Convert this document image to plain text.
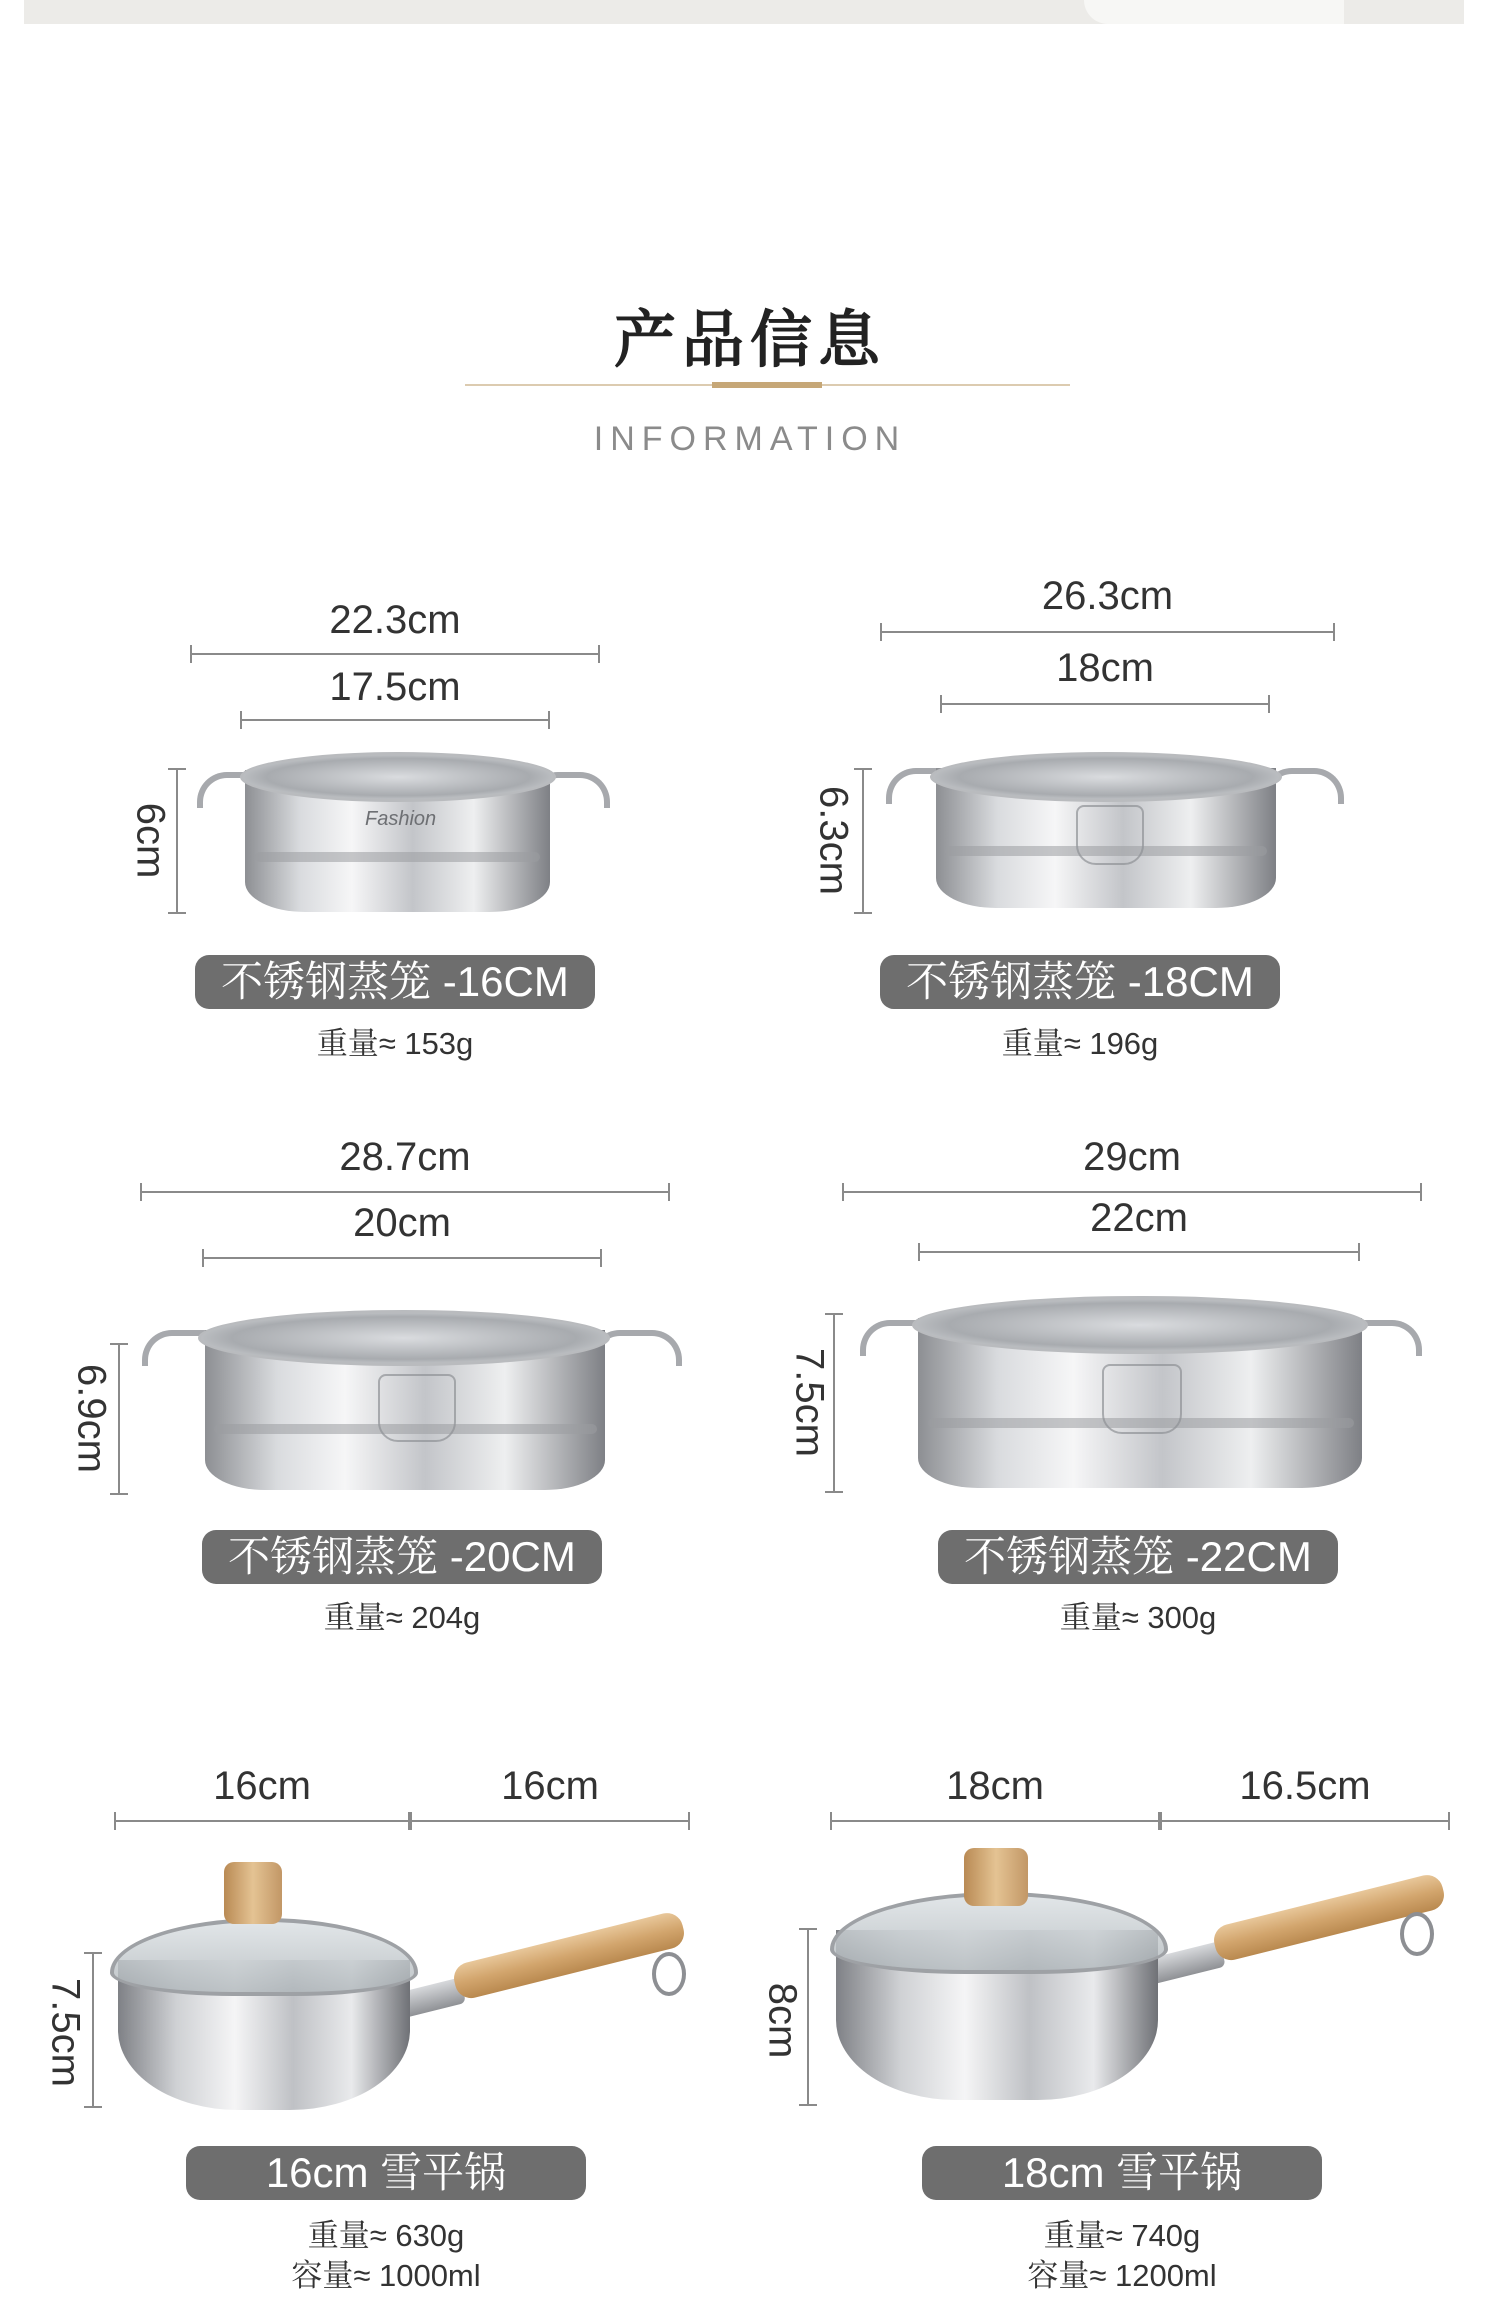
产品信息
INFORMATION
22.3cm
17.5cm
6cm	Fashion
不锈钢蒸笼 -16CM
重量≈ 153g
26.3cm
18cm
6.3cm
不锈钢蒸笼 -18CM
重量≈ 196g
28.7cm
20cm
6.9cm
不锈钢蒸笼 -20CM
重量≈ 204g
29cm
22cm
7.5cm
不锈钢蒸笼 -22CM
重量≈ 300g
16cm	16cm
7.5cm
16cm 雪平锅
重量≈ 630g
容量≈ 1000ml
18cm	16.5cm
8cm
18cm 雪平锅
重量≈ 740g
容量≈ 1200ml
